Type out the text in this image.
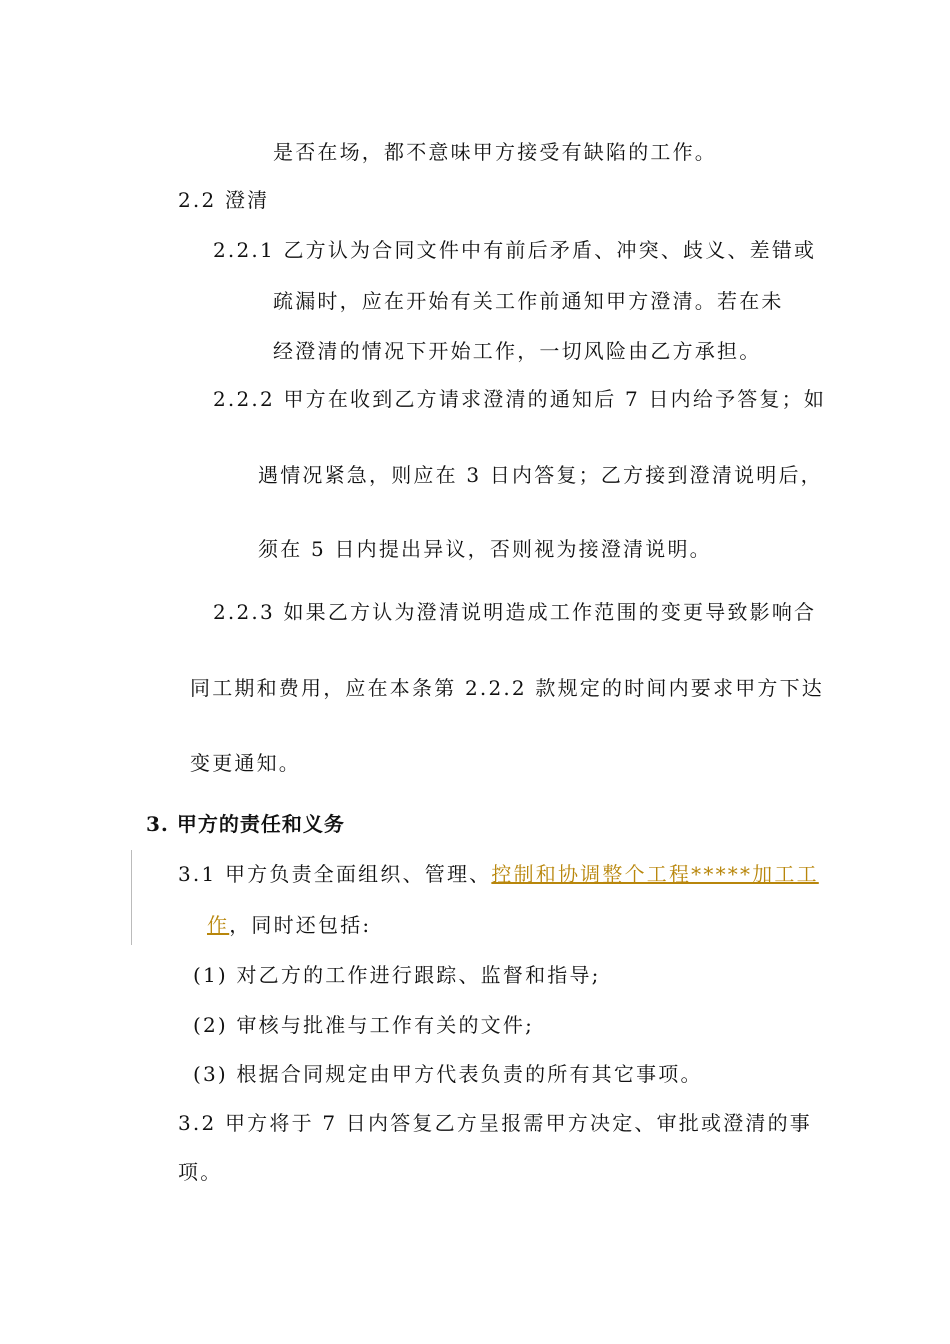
是否在场，都不意味甲方接受有缺陷的工作。
2.2 澄清
2.2.1 乙方认为合同文件中有前后矛盾、冲突、歧义、差错或
疏漏时，应在开始有关工作前通知甲方澄清。若在未
经澄清的情况下开始工作，一切风险由乙方承担。
2.2.2 甲方在收到乙方请求澄清的通知后 7 日内给予答复；如
遇情况紧急，则应在 3 日内答复；乙方接到澄清说明后，
须在 5 日内提出异议，否则视为接澄清说明。
2.2.3 如果乙方认为澄清说明造成工作范围的变更导致影响合
同工期和费用，应在本条第 2.2.2 款规定的时间内要求甲方下达
变更通知。
3. 甲方的责任和义务
3.1 甲方负责全面组织、管理、控制和协调整个工程*****加工工
作，同时还包括:
(1) 对乙方的工作进行跟踪、监督和指导;
(2) 审核与批准与工作有关的文件;
(3) 根据合同规定由甲方代表负责的所有其它事项。
3.2 甲方将于 7 日内答复乙方呈报需甲方决定、审批或澄清的事
项。
